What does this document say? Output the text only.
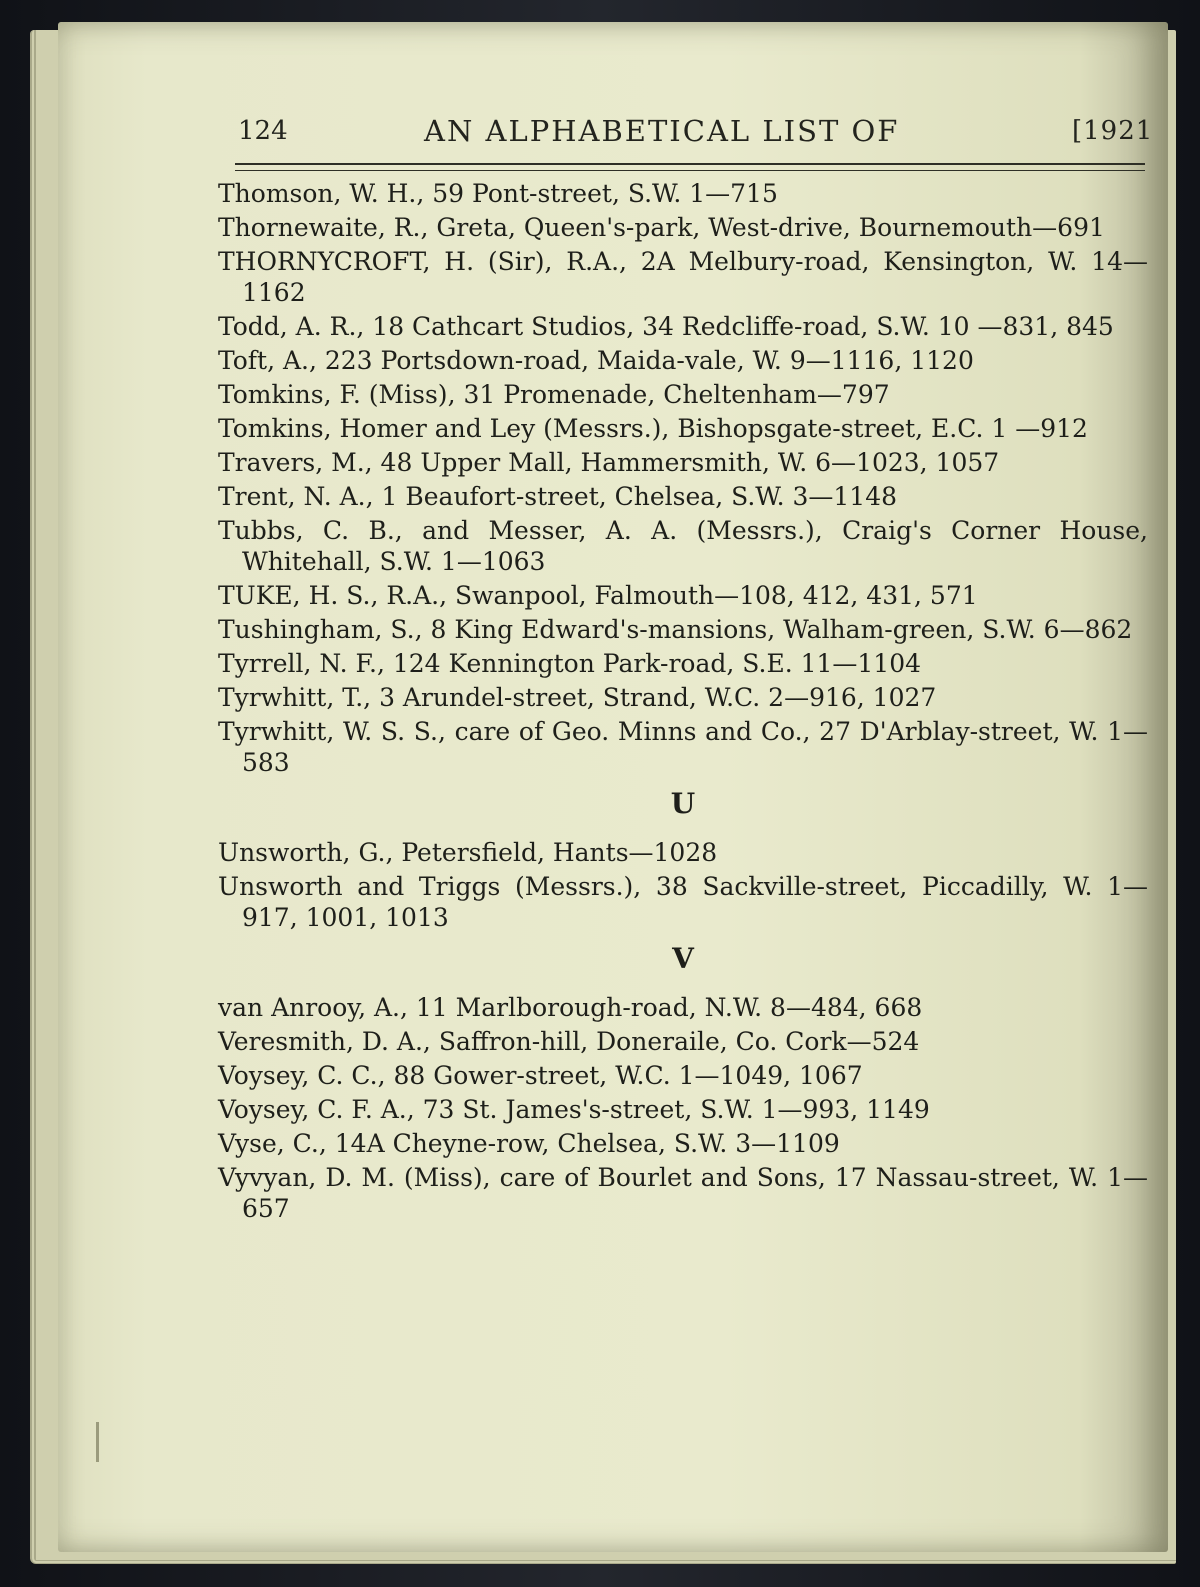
124	AN ALPHABETICAL LIST OF	[1921

Thomson, W. H., 59 Pont-street, S.W. 1—715

Thornewaite, R., Greta, Queen's-park, West-drive, Bournemouth—691

THORNYCROFT, H. (Sir), R.A., 2A Melbury-road, Kensington, W. 14—1162

Todd, A. R., 18 Cathcart Studios, 34 Redcliffe-road, S.W. 10 —831, 845

Toft, A., 223 Portsdown-road, Maida-vale, W. 9—1116, 1120

Tomkins, F. (Miss), 31 Promenade, Cheltenham—797

Tomkins, Homer and Ley (Messrs.), Bishopsgate-street, E.C. 1 —912

Travers, M., 48 Upper Mall, Hammersmith, W. 6—1023, 1057

Trent, N. A., 1 Beaufort-street, Chelsea, S.W. 3—1148

Tubbs, C. B., and Messer, A. A. (Messrs.), Craig's Corner House, Whitehall, S.W. 1—1063

TUKE, H. S., R.A., Swanpool, Falmouth—108, 412, 431, 571

Tushingham, S., 8 King Edward's-mansions, Walham-green, S.W. 6—862

Tyrrell, N. F., 124 Kennington Park-road, S.E. 11—1104

Tyrwhitt, T., 3 Arundel-street, Strand, W.C. 2—916, 1027

Tyrwhitt, W. S. S., care of Geo. Minns and Co., 27 D'Arblay-street, W. 1—583

U

Unsworth, G., Petersfield, Hants—1028

Unsworth and Triggs (Messrs.), 38 Sackville-street, Piccadilly, W. 1—917, 1001, 1013

V

van Anrooy, A., 11 Marlborough-road, N.W. 8—484, 668

Veresmith, D. A., Saffron-hill, Doneraile, Co. Cork—524

Voysey, C. C., 88 Gower-street, W.C. 1—1049, 1067

Voysey, C. F. A., 73 St. James's-street, S.W. 1—993, 1149

Vyse, C., 14A Cheyne-row, Chelsea, S.W. 3—1109

Vyvyan, D. M. (Miss), care of Bourlet and Sons, 17 Nassau-street, W. 1—657
